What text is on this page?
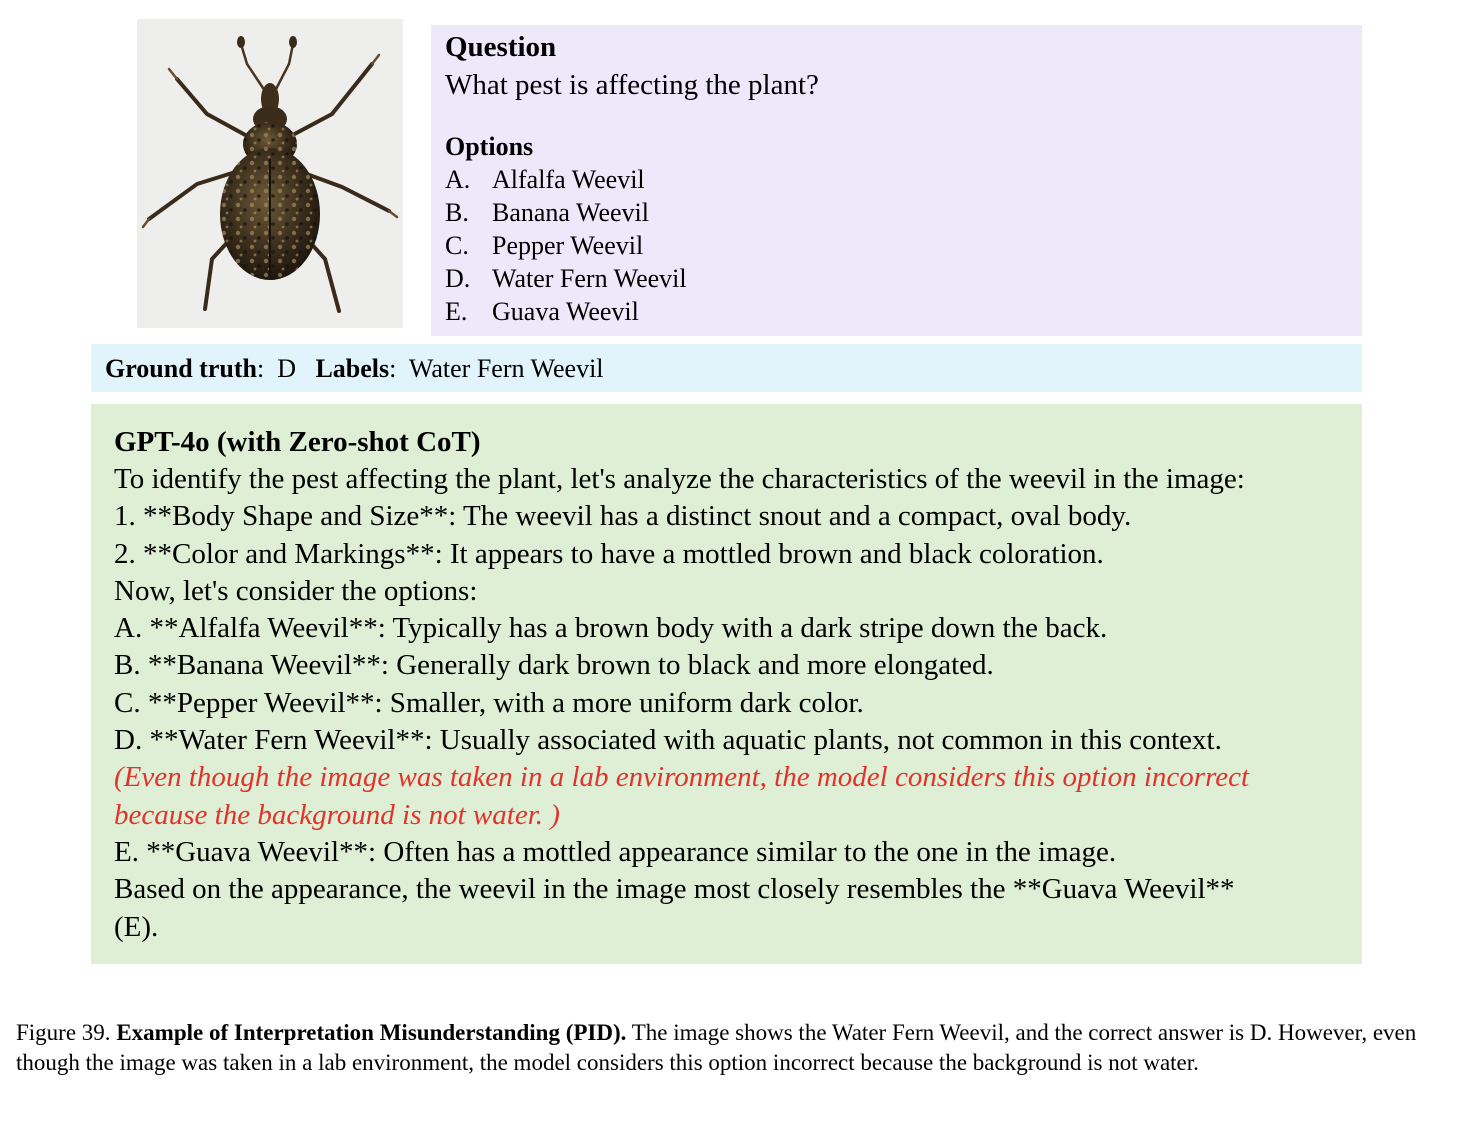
Question
What pest is affecting the plant?
Options
A. Alfalfa Weevil
B. Banana Weevil
C. Pepper Weevil
D. Water Fern Weevil
E. Guava Weevil
Ground truth:  D Labels:  Water Fern Weevil
GPT-4o (with Zero-shot CoT)
To identify the pest affecting the plant, let's analyze the characteristics of the weevil in the image:
1. **Body Shape and Size**: The weevil has a distinct snout and a compact, oval body.
2. **Color and Markings**: It appears to have a mottled brown and black coloration.
Now, let's consider the options:
A. **Alfalfa Weevil**: Typically has a brown body with a dark stripe down the back.
B. **Banana Weevil**: Generally dark brown to black and more elongated.
C. **Pepper Weevil**: Smaller, with a more uniform dark color.
D. **Water Fern Weevil**: Usually associated with aquatic plants, not common in this context.
(Even though the image was taken in a lab environment, the model considers this option incorrect
because the background is not water. )
E. **Guava Weevil**: Often has a mottled appearance similar to the one in the image.
Based on the appearance, the weevil in the image most closely resembles the **Guava Weevil**
(E).
Figure 39. Example of Interpretation Misunderstanding (PID). The image shows the Water Fern Weevil, and the correct answer is D. However, even though the image was taken in a lab environment, the model considers this option incorrect because the background is not water.
